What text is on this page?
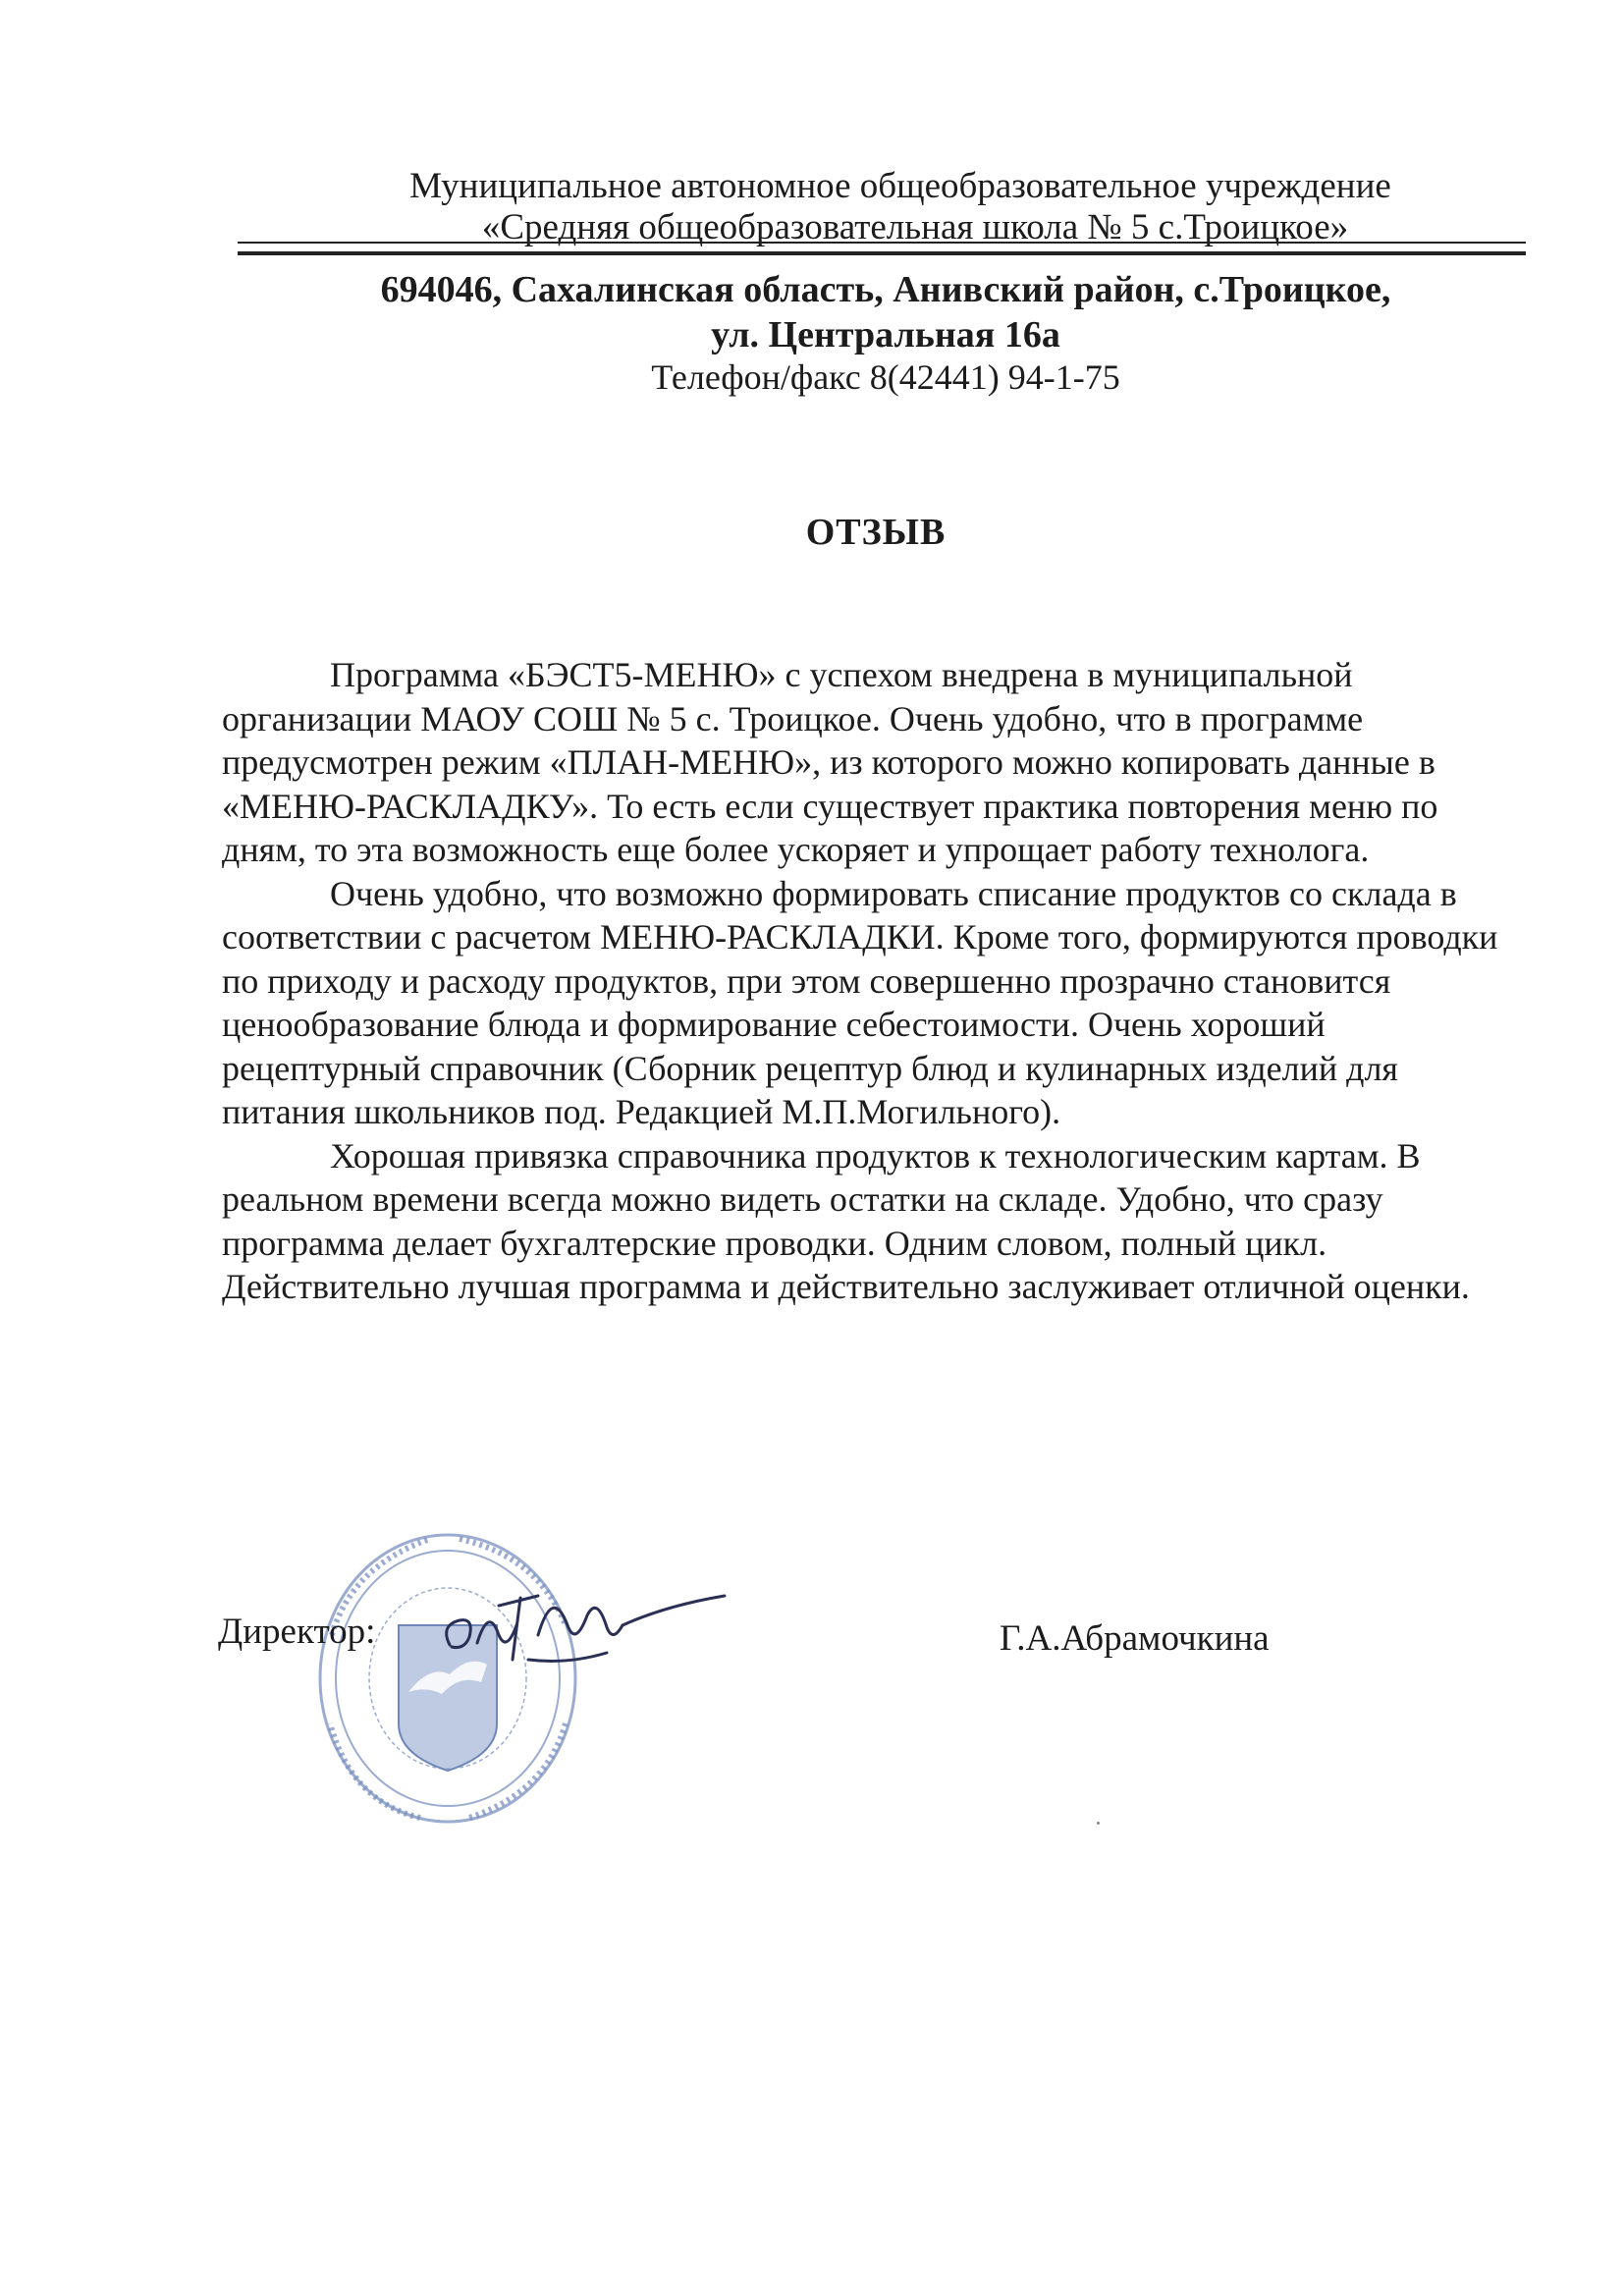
Муниципальное автономное общеобразовательное учреждение
«Средняя общеобразовательная школа № 5 с.Троицкое»
694046, Сахалинская область, Анивский район, с.Троицкое,
ул. Центральная 16а
Телефон/факс 8(42441) 94-1-75
ОТЗЫВ

Программа «БЭСТ5-МЕНЮ» с успехом внедрена в муниципальной организации МАОУ СОШ № 5 с. Троицкое. Очень удобно, что в программе предусмотрен режим «ПЛАН-МЕНЮ», из которого можно копировать данные в «МЕНЮ-РАСКЛАДКУ». То есть если существует практика повторения меню по дням, то эта возможность еще более ускоряет и упрощает работу технолога.

Очень удобно, что возможно формировать списание продуктов со склада в соответствии с расчетом МЕНЮ-РАСКЛАДКИ. Кроме того, формируются проводки по приходу и расходу продуктов, при этом совершенно прозрачно становится ценообразование блюда и формирование себестоимости. Очень хороший рецептурный справочник (Сборник рецептур блюд и кулинарных изделий для питания школьников под. Редакцией М.П.Могильного).

Хорошая привязка справочника продуктов к технологическим картам. В реальном времени всегда можно видеть остатки на складе. Удобно, что сразу программа делает бухгалтерские проводки. Одним словом, полный цикл. Действительно лучшая программа и действительно заслуживает отличной оценки.

Директор:	Г.А.Абрамочкина
